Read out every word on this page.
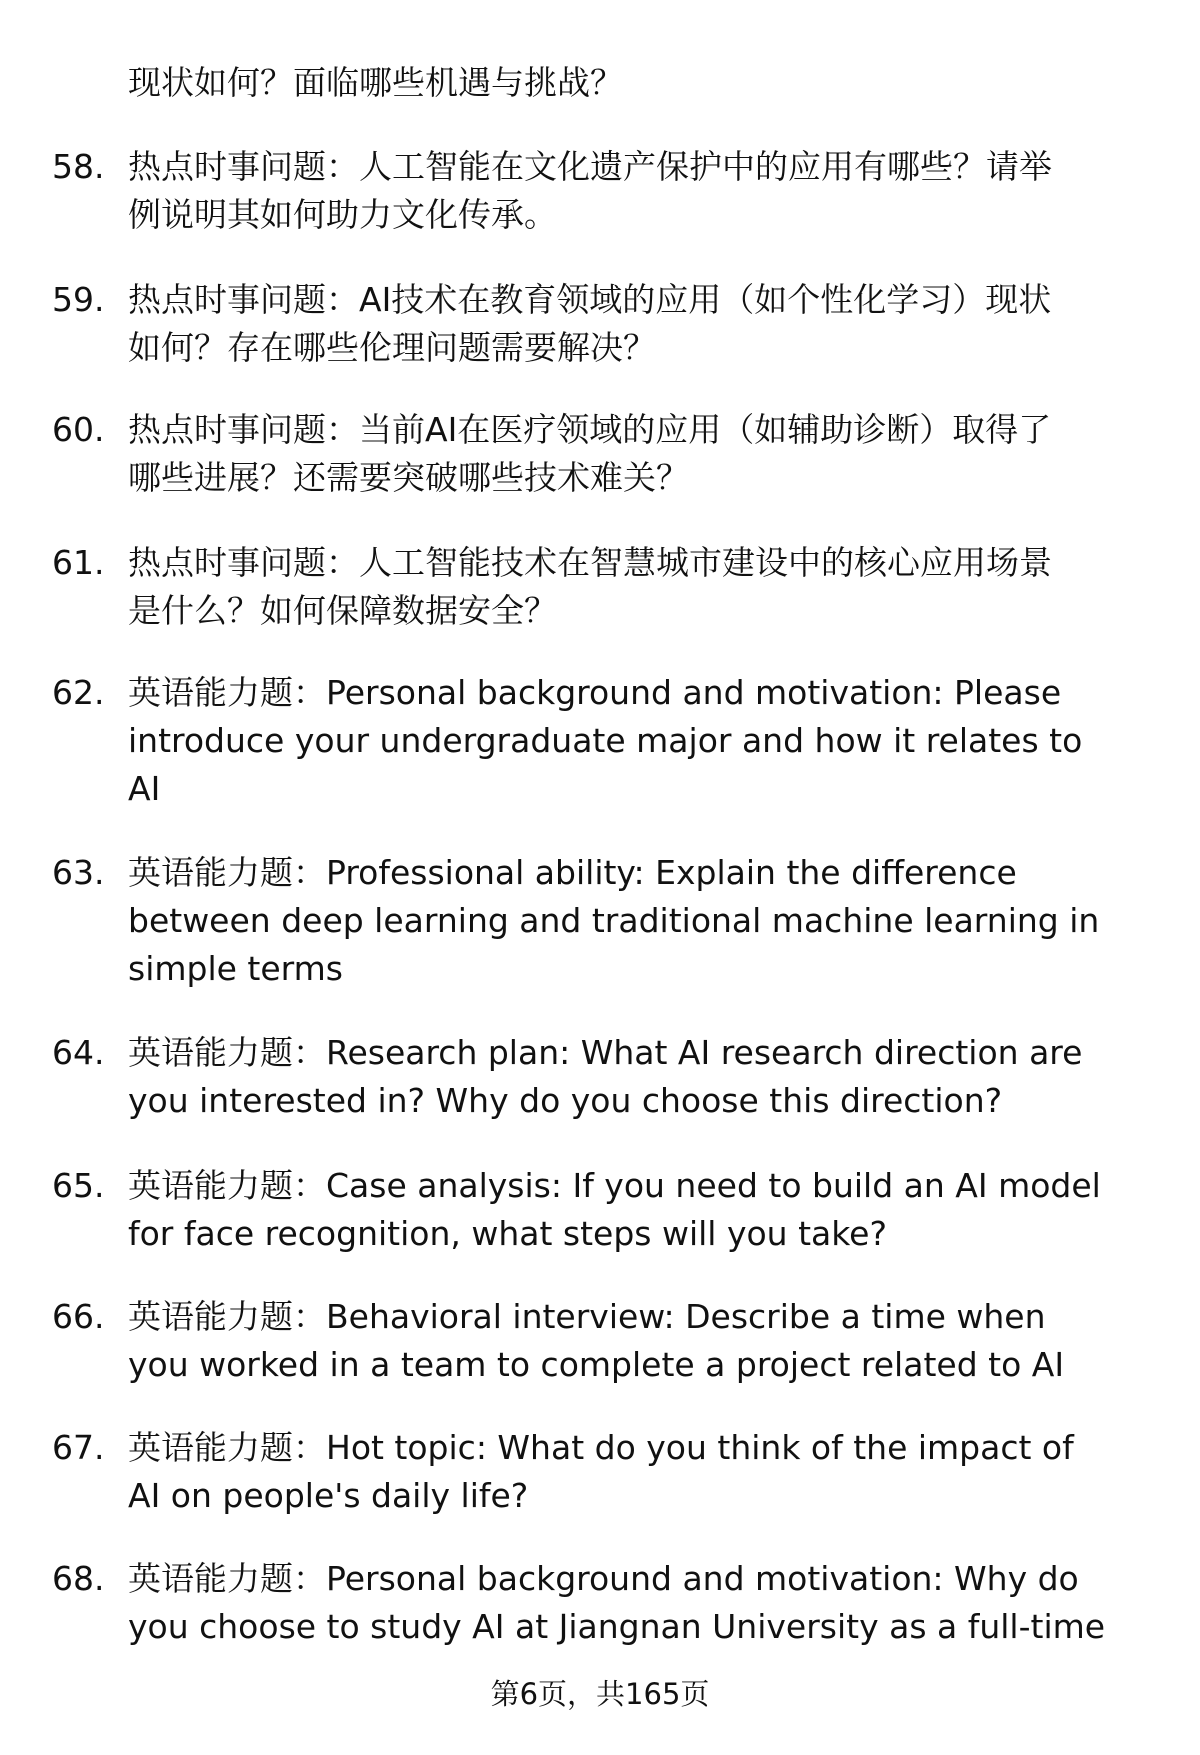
现状如何？面临哪些机遇与挑战？
58. 热点时事问题：人工智能在文化遗产保护中的应用有哪些？请举
例说明其如何助力文化传承。
59. 热点时事问题：AI技术在教育领域的应用（如个性化学习）现状
如何？存在哪些伦理问题需要解决？
60. 热点时事问题：当前AI在医疗领域的应用（如辅助诊断）取得了
哪些进展？还需要突破哪些技术难关？
61. 热点时事问题：人工智能技术在智慧城市建设中的核心应用场景
是什么？如何保障数据安全？
62. 英语能力题：Personal background and motivation: Please
introduce your undergraduate major and how it relates to
AI
63. 英语能力题：Professional ability: Explain the difference
between deep learning and traditional machine learning in
simple terms
64. 英语能力题：Research plan: What AI research direction are
you interested in? Why do you choose this direction?
65. 英语能力题：Case analysis: If you need to build an AI model
for face recognition, what steps will you take?
66. 英语能力题：Behavioral interview: Describe a time when
you worked in a team to complete a project related to AI
67. 英语能力题：Hot topic: What do you think of the impact of
AI on people's daily life?
68. 英语能力题：Personal background and motivation: Why do
you choose to study AI at Jiangnan University as a full-time
第6页，共165页
